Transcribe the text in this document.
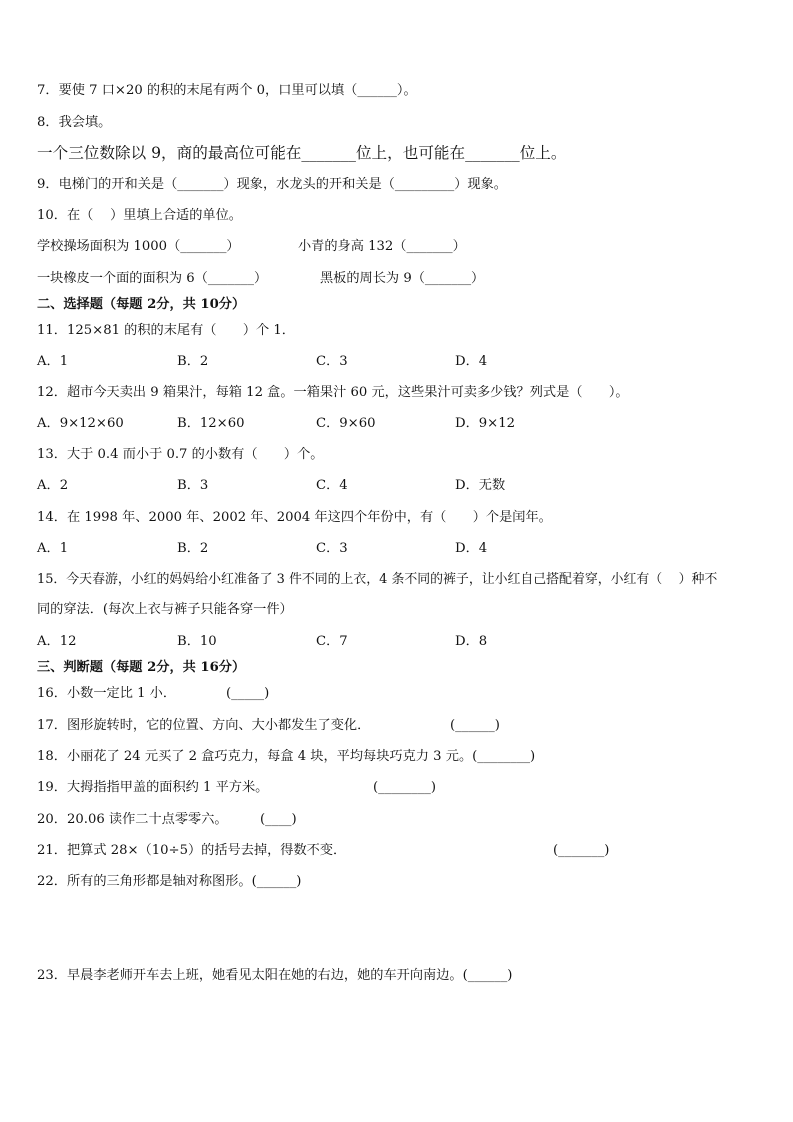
7．要使 7 口×20 的积的末尾有两个 0，口里可以填（______）。
8．我会填。
一个三位数除以 9，商的最高位可能在_______位上，也可能在_______位上。
9．电梯门的开和关是（_______）现象，水龙头的开和关是（_________）现象。
10．在（    ）里填上合适的单位。
学校操场面积为 1000（_______）	小青的身高 132（_______）
一块橡皮一个面的面积为 6（_______）	黑板的周长为 9（_______）
二、选择题（每题 2分，共 10分）
11．125×81 的积的末尾有（　　）个 1．
A．1	B．2	C．3	D．4
12．超市今天卖出 9 箱果汁，每箱 12 盒。一箱果汁 60 元，这些果汁可卖多少钱？列式是（　　）。
A．9×12×60	B．12×60	C．9×60	D．9×12
13．大于 0.4 而小于 0.7 的小数有（　　）个。
A．2	B．3	C．4	D．无数
14．在 1998 年、2000 年、2002 年、2004 年这四个年份中，有（　　）个是闰年。
A．1	B．2	C．3	D．4
15．今天春游，小红的妈妈给小红准备了 3 件不同的上衣，4 条不同的裤子，让小红自己搭配着穿，小红有（    ）种不
同的穿法．(每次上衣与裤子只能各穿一件）
A．12	B．10	C．7	D．8
三、判断题（每题 2分，共 16分）
16．小数一定比 1 小．	(_____)
17．图形旋转时，它的位置、方向、大小都发生了变化．	(______)
18．小丽花了 24 元买了 2 盒巧克力，每盒 4 块，平均每块巧克力 3 元。(________)
19．大拇指指甲盖的面积约 1 平方米。	(________)
20．20.06 读作二十点零零六。 (____)
21．把算式 28×（10÷5）的括号去掉，得数不变．	(_______)
22．所有的三角形都是轴对称图形。(______)
23．早晨李老师开车去上班，她看见太阳在她的右边，她的车开向南边。(______)
